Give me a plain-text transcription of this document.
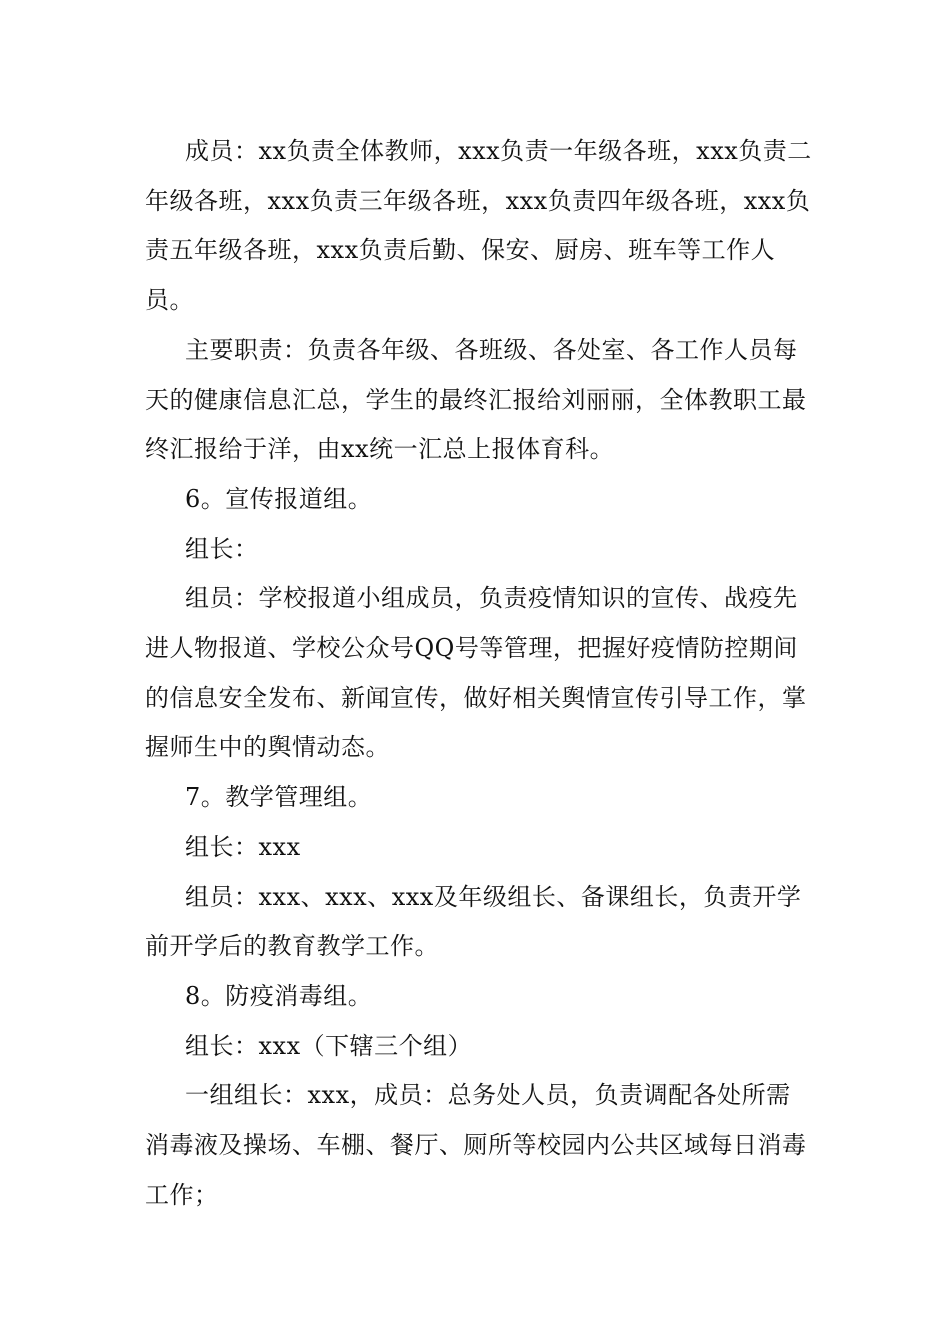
成员：xx负责全体教师，xxx负责一年级各班，xxx负责二年级各班，xxx负责三年级各班，xxx负责四年级各班，xxx负责五年级各班，xxx负责后勤、保安、厨房、班车等工作人员。

主要职责：负责各年级、各班级、各处室、各工作人员每天的健康信息汇总，学生的最终汇报给刘丽丽，全体教职工最终汇报给于洋，由xx统一汇总上报体育科。

6。宣传报道组。

组长：

组员：学校报道小组成员，负责疫情知识的宣传、战疫先进人物报道、学校公众号QQ号等管理，把握好疫情防控期间的信息安全发布、新闻宣传，做好相关舆情宣传引导工作，掌握师生中的舆情动态。

7。教学管理组。

组长：xxx

组员：xxx、xxx、xxx及年级组长、备课组长，负责开学前开学后的教育教学工作。

8。防疫消毒组。

组长：xxx（下辖三个组）

一组组长：xxx，成员：总务处人员，负责调配各处所需消毒液及操场、车棚、餐厅、厕所等校园内公共区域每日消毒工作；
